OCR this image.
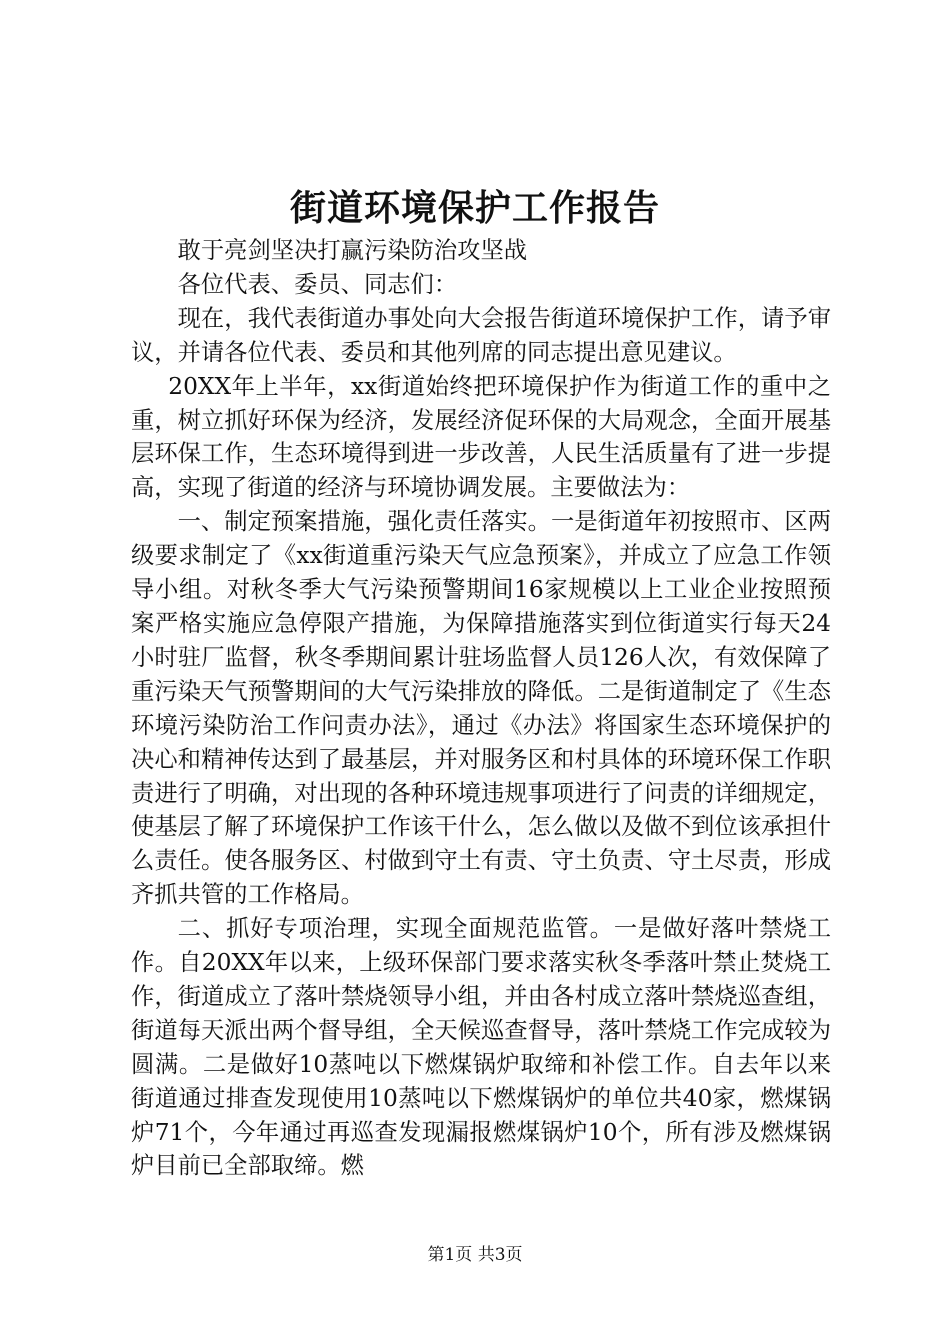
街道环境保护工作报告

敢于亮剑坚决打赢污染防治攻坚战

各位代表、委员、同志们：

现在，我代表街道办事处向大会报告街道环境保护工作，请予审议，并请各位代表、委员和其他列席的同志提出意见建议。

20XX年上半年，xx街道始终把环境保护作为街道工作的重中之重，树立抓好环保为经济，发展经济促环保的大局观念，全面开展基层环保工作，生态环境得到进一步改善，人民生活质量有了进一步提高，实现了街道的经济与环境协调发展。主要做法为：

一、制定预案措施，强化责任落实。一是街道年初按照市、区两级要求制定了《xx街道重污染天气应急预案》，并成立了应急工作领导小组。对秋冬季大气污染预警期间16家规模以上工业企业按照预案严格实施应急停限产措施，为保障措施落实到位街道实行每天24小时驻厂监督，秋冬季期间累计驻场监督人员126人次，有效保障了重污染天气预警期间的大气污染排放的降低。二是街道制定了《生态环境污染防治工作问责办法》，通过《办法》将国家生态环境保护的决心和精神传达到了最基层，并对服务区和村具体的环境环保工作职责进行了明确，对出现的各种环境违规事项进行了问责的详细规定，使基层了解了环境保护工作该干什么，怎么做以及做不到位该承担什么责任。使各服务区、村做到守土有责、守土负责、守土尽责，形成齐抓共管的工作格局。

二、抓好专项治理，实现全面规范监管。一是做好落叶禁烧工作。自20XX年以来，上级环保部门要求落实秋冬季落叶禁止焚烧工作，街道成立了落叶禁烧领导小组，并由各村成立落叶禁烧巡查组，街道每天派出两个督导组，全天候巡查督导，落叶禁烧工作完成较为圆满。二是做好10蒸吨以下燃煤锅炉取缔和补偿工作。自去年以来街道通过排查发现使用10蒸吨以下燃煤锅炉的单位共40家，燃煤锅炉71个，今年通过再巡查发现漏报燃煤锅炉10个，所有涉及燃煤锅炉目前已全部取缔。燃

第1页 共3页
